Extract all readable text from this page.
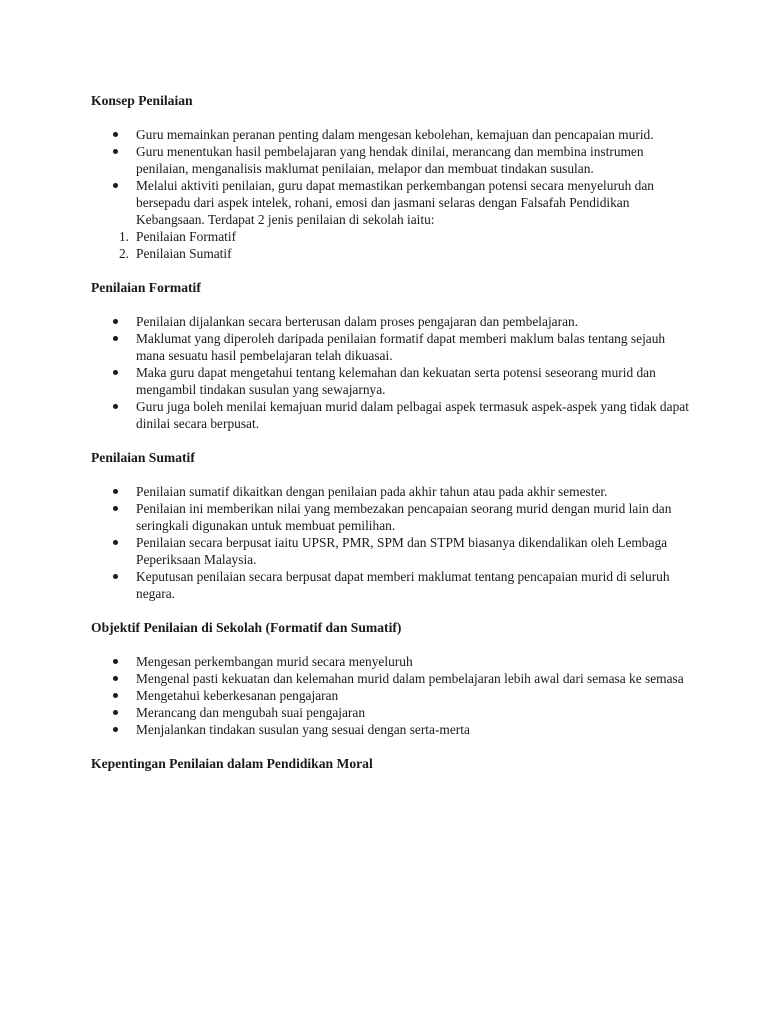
Konsep Penilaian

Guru memainkan peranan penting dalam mengesan kebolehan, kemajuan dan pencapaian murid.
Guru menentukan hasil pembelajaran yang hendak dinilai, merancang dan membina instrumen penilaian, menganalisis maklumat penilaian, melapor dan membuat tindakan susulan.
Melalui aktiviti penilaian, guru dapat memastikan perkembangan potensi secara menyeluruh dan bersepadu dari aspek intelek, rohani, emosi dan jasmani selaras dengan Falsafah Pendidikan Kebangsaan. Terdapat 2 jenis penilaian di sekolah iaitu:
1. Penilaian Formatif
2. Penilaian Sumatif

Penilaian Formatif

Penilaian dijalankan secara berterusan dalam proses pengajaran dan pembelajaran.
Maklumat yang diperoleh daripada penilaian formatif dapat memberi maklum balas tentang sejauh mana sesuatu hasil pembelajaran telah dikuasai.
Maka guru dapat mengetahui tentang kelemahan dan kekuatan serta potensi seseorang murid dan mengambil tindakan susulan yang sewajarnya.
Guru juga boleh menilai kemajuan murid dalam pelbagai aspek termasuk aspek-aspek yang tidak dapat dinilai secara berpusat.

Penilaian Sumatif

Penilaian sumatif dikaitkan dengan penilaian pada akhir tahun atau pada akhir semester.
Penilaian ini memberikan nilai yang membezakan pencapaian seorang murid dengan murid lain dan seringkali digunakan untuk membuat pemilihan.
Penilaian secara berpusat iaitu UPSR, PMR, SPM dan STPM biasanya dikendalikan oleh Lembaga Peperiksaan Malaysia.
Keputusan penilaian secara berpusat dapat memberi maklumat tentang pencapaian murid di seluruh negara.

Objektif Penilaian di Sekolah (Formatif dan Sumatif)

Mengesan perkembangan murid secara menyeluruh
Mengenal pasti kekuatan dan kelemahan murid dalam pembelajaran lebih awal dari semasa ke semasa
Mengetahui keberkesanan pengajaran
Merancang dan mengubah suai pengajaran
Menjalankan tindakan susulan yang sesuai dengan serta-merta

Kepentingan Penilaian dalam Pendidikan Moral
